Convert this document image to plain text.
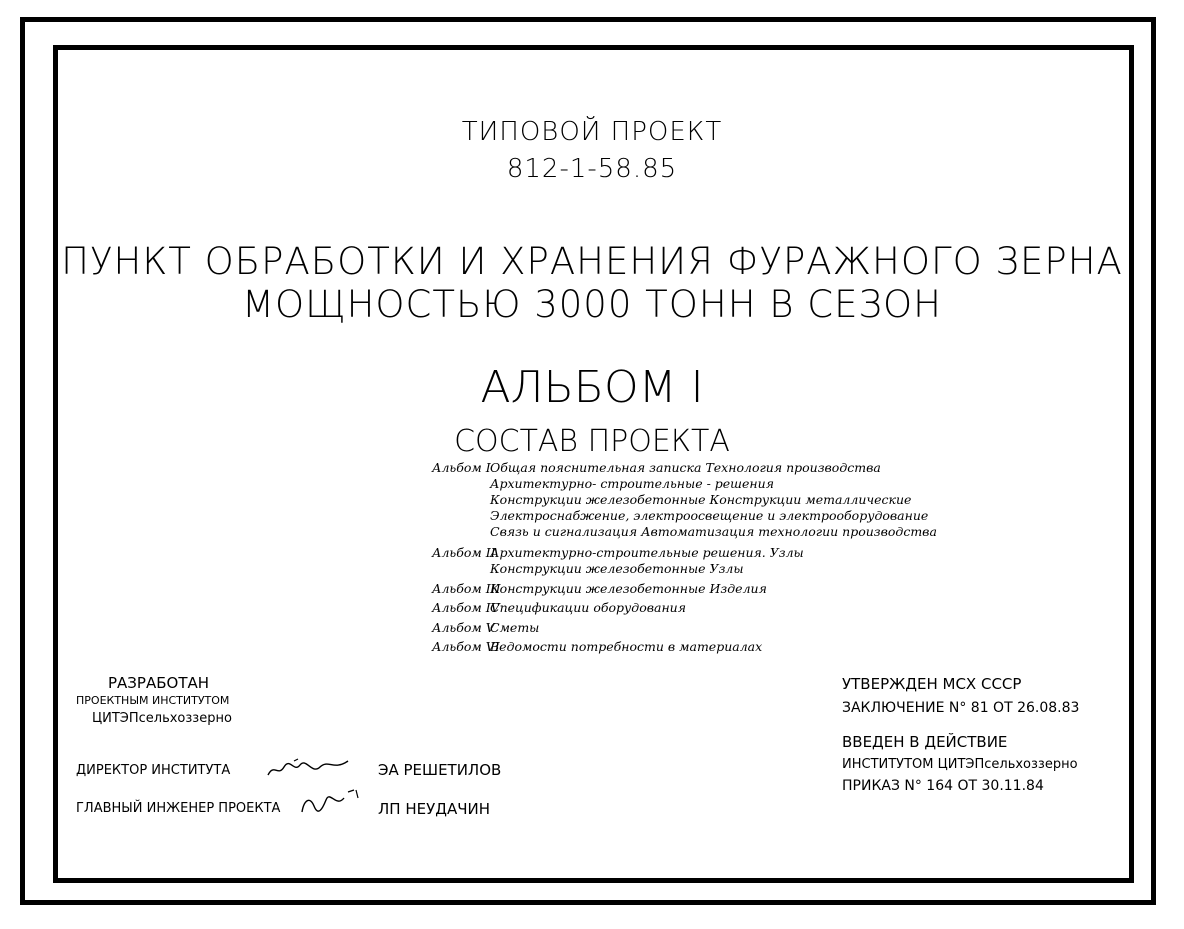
ТИПОВОЙ ПРОЕКТ
812-1-58.85
ПУНКТ ОБРАБОТКИ И ХРАНЕНИЯ ФУРАЖНОГО ЗЕРНА
МОЩНОСТЬЮ 3000 ТОНН В СЕЗОН
АЛЬБОМ I
СОСТАВ ПРОЕКТА
Альбом I Общая пояснительная записка Технология производства
Архитектурно- строительные - решения
Конструкции железобетонные Конструкции металлические
Электроснабжение, электроосвещение и электрооборудование
Связь и сигнализация Автоматизация технологии производства
Альбом II
Архитектурно-строительные решения. Узлы
Конструкции железобетонные Узлы
Альбом III
Конструкции железобетонные Изделия
Альбом IV
Спецификации оборудования
Альбом V
Сметы
Альбом VI
Ведомости потребности в материалах
РАЗРАБОТАН
ПРОЕКТНЫМ ИНСТИТУТОМ
ЦИТЭПсельхоззерно
ДИРЕКТОР ИНСТИТУТА	ЭА РЕШЕТИЛОВ
ГЛАВНЫЙ ИНЖЕНЕР ПРОЕКТА	ЛП НЕУДАЧИН
УТВЕРЖДЕН МСХ СССР
ЗАКЛЮЧЕНИЕ N° 81 ОТ 26.08.83
ВВЕДЕН В ДЕЙСТВИЕ
ИНСТИТУТОМ ЦИТЭПсельхоззерно
ПРИКАЗ N° 164 ОТ 30.11.84
